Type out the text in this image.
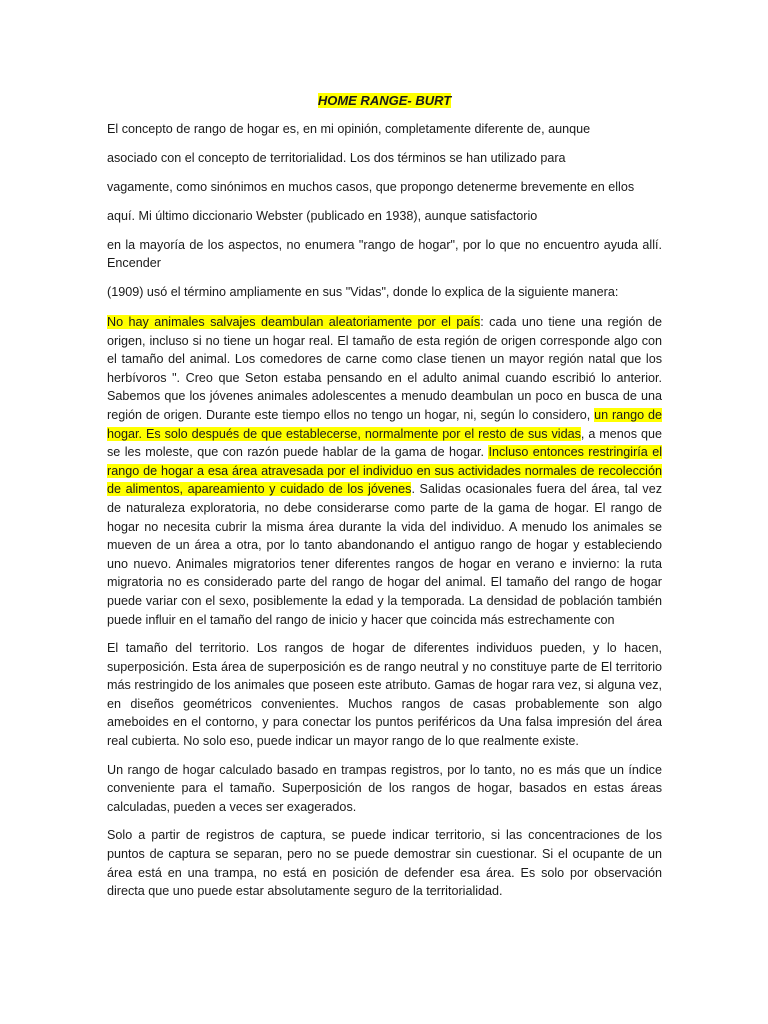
HOME RANGE- BURT

El concepto de rango de hogar es, en mi opinión, completamente diferente de, aunque

asociado con el concepto de territorialidad. Los dos términos se han utilizado para

vagamente, como sinónimos en muchos casos, que propongo detenerme brevemente en ellos

aquí. Mi último diccionario Webster (publicado en 1938), aunque satisfactorio

en la mayoría de los aspectos, no enumera "rango de hogar", por lo que no encuentro ayuda allí. Encender

(1909) usó el término ampliamente en sus "Vidas", donde lo explica de la siguiente manera:

No hay animales salvajes deambulan aleatoriamente por el país: cada uno tiene una región de origen, incluso si no tiene un hogar real. El tamaño de esta región de origen corresponde algo con el tamaño del animal. Los comedores de carne como clase tienen un mayor región natal que los herbívoros ". Creo que Seton estaba pensando en el adulto animal cuando escribió lo anterior. Sabemos que los jóvenes animales adolescentes a menudo deambulan un poco en busca de una región de origen. Durante este tiempo ellos no tengo un hogar, ni, según lo considero, un rango de hogar. Es solo después de que establecerse, normalmente por el resto de sus vidas, a menos que se les moleste, que con razón puede hablar de la gama de hogar. Incluso entonces restringiría el rango de hogar a esa área atravesada por el individuo en sus actividades normales de recolección de alimentos, apareamiento y cuidado de los jóvenes. Salidas ocasionales fuera del área, tal vez de naturaleza exploratoria, no debe considerarse como parte de la gama de hogar. El rango de hogar no necesita cubrir la misma área durante la vida del individuo. A menudo los animales se mueven de un área a otra, por lo tanto abandonando el antiguo rango de hogar y estableciendo uno nuevo. Animales migratorios tener diferentes rangos de hogar en verano e invierno: la ruta migratoria no es considerado parte del rango de hogar del animal. El tamaño del rango de hogar puede variar con el sexo, posiblemente la edad y la temporada. La densidad de población también puede influir en el tamaño del rango de inicio y hacer que coincida más estrechamente con

El tamaño del territorio. Los rangos de hogar de diferentes individuos pueden, y lo hacen, superposición. Esta área de superposición es de rango neutral y no constituye parte de El territorio más restringido de los animales que poseen este atributo. Gamas de hogar rara vez, si alguna vez, en diseños geométricos convenientes. Muchos rangos de casas probablemente son algo ameboides en el contorno, y para conectar los puntos periféricos da Una falsa impresión del área real cubierta. No solo eso, puede indicar un mayor rango de lo que realmente existe.

Un rango de hogar calculado basado en trampas registros, por lo tanto, no es más que un índice conveniente para el tamaño. Superposición de los rangos de hogar, basados en estas áreas calculadas, pueden a veces ser exagerados.

Solo a partir de registros de captura, se puede indicar territorio, si las concentraciones de los puntos de captura se separan, pero no se puede demostrar sin cuestionar. Si el ocupante de un área está en una trampa, no está en posición de defender esa área. Es solo por observación directa que uno puede estar absolutamente seguro de la territorialidad.
